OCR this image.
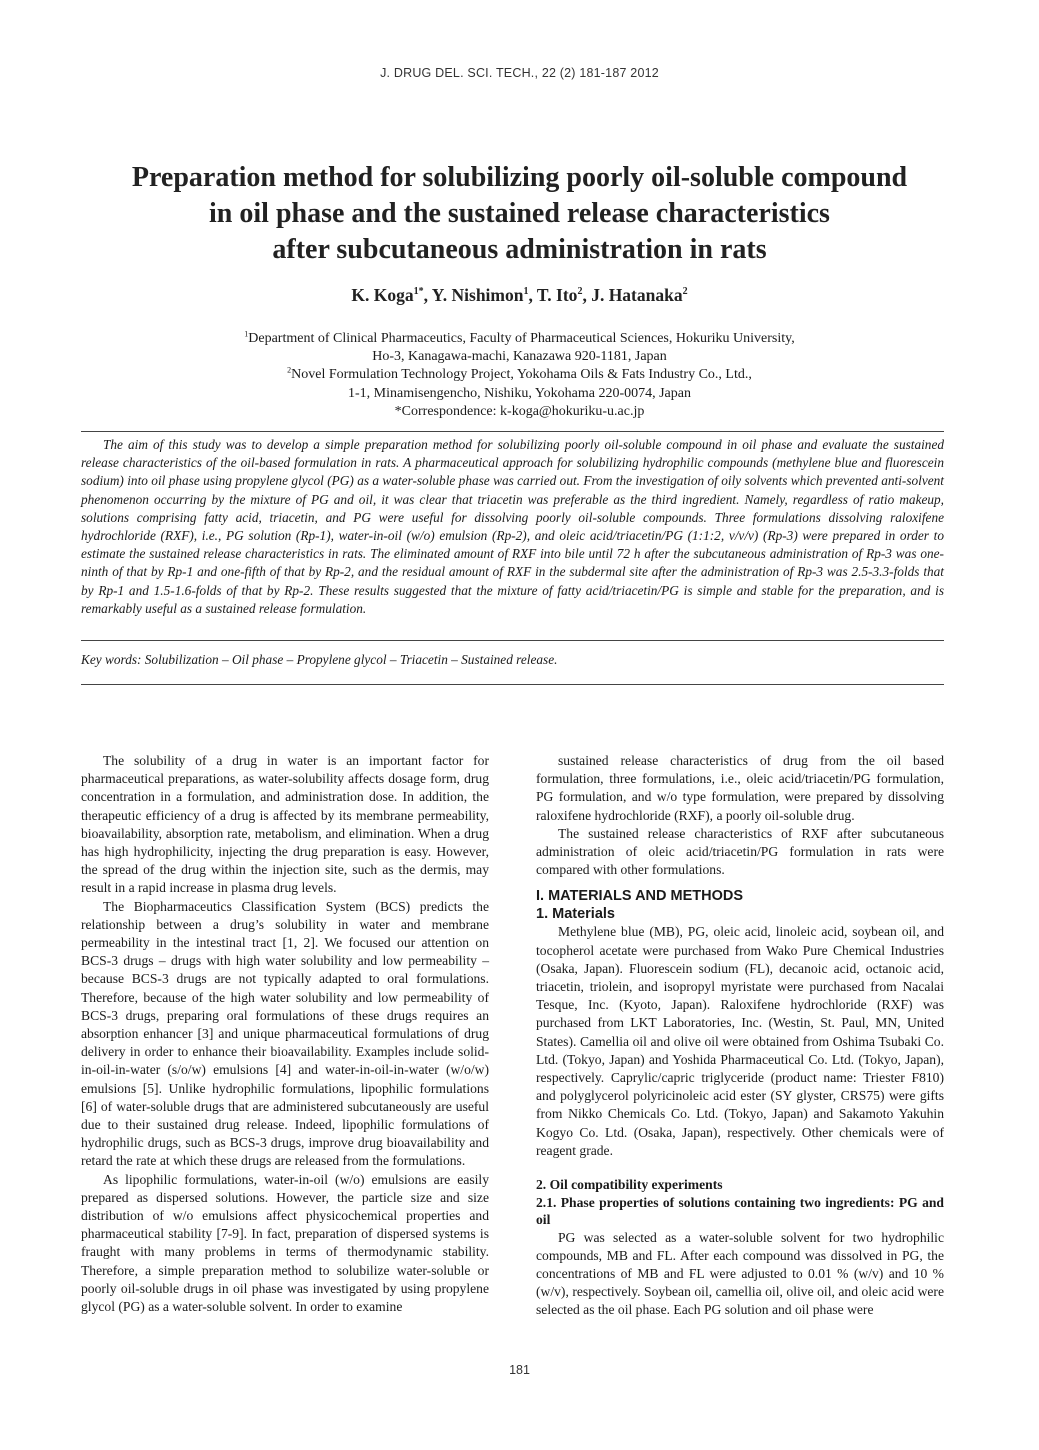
J. DRUG DEL. SCI. TECH., 22 (2) 181-187 2012
Preparation method for solubilizing poorly oil-soluble compound
in oil phase and the sustained release characteristics
after subcutaneous administration in rats
K. Koga$^{1*}$, Y. Nishimon$^1$, T. Ito$^2$, J. Hatanaka$^2$
$^1$Department of Clinical Pharmaceutics, Faculty of Pharmaceutical Sciences, Hokuriku University,
Ho-3, Kanagawa-machi, Kanazawa 920-1181, Japan
$^2$Novel Formulation Technology Project, Yokohama Oils & Fats Industry Co., Ltd.,
1-1, Minamisengencho, Nishiku, Yokohama 220-0074, Japan
*Correspondence: k-koga@hokuriku-u.ac.jp
The aim of this study was to develop a simple preparation method for solubilizing poorly oil-soluble compound in oil phase and evaluate the sustained release characteristics of the oil-based formulation in rats. A pharmaceutical approach for solubilizing hydrophilic compounds (methylene blue and fluorescein sodium) into oil phase using propylene glycol (PG) as a water-soluble phase was carried out. From the investigation of oily solvents which prevented anti-solvent phenomenon occurring by the mixture of PG and oil, it was clear that triacetin was preferable as the third ingredient. Namely, regardless of ratio makeup, solutions comprising fatty acid, triacetin, and PG were useful for dissolving poorly oil-soluble compounds. Three formulations dissolving raloxifene hydrochloride (RXF), i.e., PG solution (Rp-1), water-in-oil (w/o) emulsion (Rp-2), and oleic acid/triacetin/PG (1:1:2, v/v/v) (Rp-3) were prepared in order to estimate the sustained release characteristics in rats. The eliminated amount of RXF into bile until 72 h after the subcutaneous administration of Rp-3 was one-ninth of that by Rp-1 and one-fifth of that by Rp-2, and the residual amount of RXF in the subdermal site after the administration of Rp-3 was 2.5-3.3-folds that by Rp-1 and 1.5-1.6-folds of that by Rp-2. These results suggested that the mixture of fatty acid/triacetin/PG is simple and stable for the preparation, and is remarkably useful as a sustained release formulation.
Key words: Solubilization – Oil phase – Propylene glycol – Triacetin – Sustained release.

The solubility of a drug in water is an important factor for pharmaceutical preparations, as water-solubility affects dosage form, drug concentration in a formulation, and administration dose. In addition, the therapeutic efficiency of a drug is affected by its membrane permeability, bioavailability, absorption rate, metabolism, and elimination. When a drug has high hydrophilicity, injecting the drug preparation is easy. However, the spread of the drug within the injection site, such as the dermis, may result in a rapid increase in plasma drug levels.

The Biopharmaceutics Classification System (BCS) predicts the relationship between a drug’s solubility in water and membrane permeability in the intestinal tract [1, 2]. We focused our attention on BCS-3 drugs – drugs with high water solubility and low permeability – because BCS-3 drugs are not typically adapted to oral formulations. Therefore, because of the high water solubility and low permeability of BCS-3 drugs, preparing oral formulations of these drugs requires an absorption enhancer [3] and unique pharmaceutical formulations of drug delivery in order to enhance their bioavailability. Examples include solid-in-oil-in-water (s/o/w) emulsions [4] and water-in-oil-in-water (w/o/w) emulsions [5]. Unlike hydrophilic formulations, lipophilic formulations [6] of water-soluble drugs that are administered subcutaneously are useful due to their sustained drug release. Indeed, lipophilic formulations of hydrophilic drugs, such as BCS-3 drugs, improve drug bioavailability and retard the rate at which these drugs are released from the formulations.

As lipophilic formulations, water-in-oil (w/o) emulsions are easily prepared as dispersed solutions. However, the particle size and size distribution of w/o emulsions affect physicochemical properties and pharmaceutical stability [7-9]. In fact, preparation of dispersed systems is fraught with many problems in terms of thermodynamic stability. Therefore, a simple preparation method to solubilize water-soluble or poorly oil-soluble drugs in oil phase was investigated by using propylene glycol (PG) as a water-soluble solvent. In order to examine

sustained release characteristics of drug from the oil based formulation, three formulations, i.e., oleic acid/triacetin/PG formulation, PG formulation, and w/o type formulation, were prepared by dissolving raloxifene hydrochloride (RXF), a poorly oil-soluble drug.

The sustained release characteristics of RXF after subcutaneous administration of oleic acid/triacetin/PG formulation in rats were compared with other formulations.

I. MATERIALS AND METHODS
1. Materials

Methylene blue (MB), PG, oleic acid, linoleic acid, soybean oil, and tocopherol acetate were purchased from Wako Pure Chemical Industries (Osaka, Japan). Fluorescein sodium (FL), decanoic acid, octanoic acid, triacetin, triolein, and isopropyl myristate were purchased from Nacalai Tesque, Inc. (Kyoto, Japan). Raloxifene hydrochloride (RXF) was purchased from LKT Laboratories, Inc. (Westin, St. Paul, MN, United States). Camellia oil and olive oil were obtained from Oshima Tsubaki Co. Ltd. (Tokyo, Japan) and Yoshida Pharmaceutical Co. Ltd. (Tokyo, Japan), respectively. Caprylic/capric triglyceride (product name: Triester F810) and polyglycerol polyricinoleic acid ester (SY glyster, CRS75) were gifts from Nikko Chemicals Co. Ltd. (Tokyo, Japan) and Sakamoto Yakuhin Kogyo Co. Ltd. (Osaka, Japan), respectively. Other chemicals were of reagent grade.

2. Oil compatibility experiments
2.1. Phase properties of solutions containing two ingredients: PG and oil

PG was selected as a water-soluble solvent for two hydrophilic compounds, MB and FL. After each compound was dissolved in PG, the concentrations of MB and FL were adjusted to 0.01 % (w/v) and 10 % (w/v), respectively. Soybean oil, camellia oil, olive oil, and oleic acid were selected as the oil phase. Each PG solution and oil phase were

181
